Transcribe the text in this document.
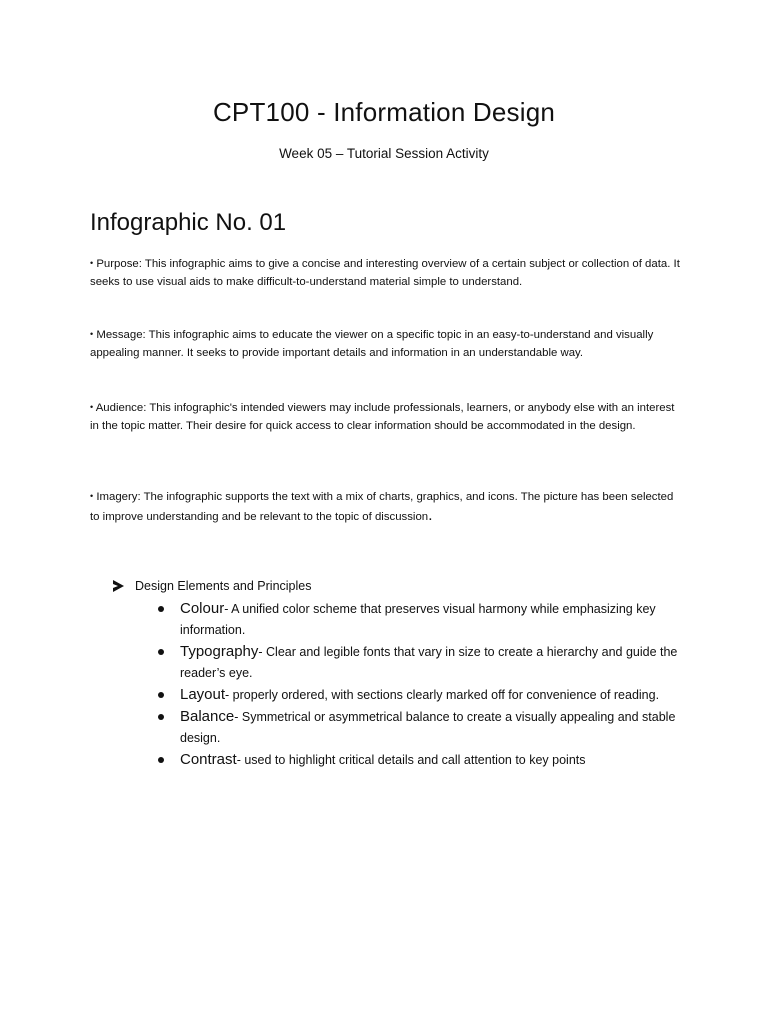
CPT100 - Information Design
Week 05 – Tutorial Session Activity
Infographic No. 01
• Purpose: This infographic aims to give a concise and interesting overview of a certain subject or collection of data. It seeks to use visual aids to make difficult-to-understand material simple to understand.
• Message: This infographic aims to educate the viewer on a specific topic in an easy-to-understand and visually appealing manner. It seeks to provide important details and information in an understandable way.
• Audience: This infographic's intended viewers may include professionals, learners, or anybody else with an interest in the topic matter. Their desire for quick access to clear information should be accommodated in the design.
• Imagery: The infographic supports the text with a mix of charts, graphics, and icons. The picture has been selected to improve understanding and be relevant to the topic of discussion.
Design Elements and Principles
Colour- A unified color scheme that preserves visual harmony while emphasizing key information.
Typography- Clear and legible fonts that vary in size to create a hierarchy and guide the reader’s eye.
Layout- properly ordered, with sections clearly marked off for convenience of reading.
Balance- Symmetrical or asymmetrical balance to create a visually appealing and stable design.
Contrast- used to highlight critical details and call attention to key points
